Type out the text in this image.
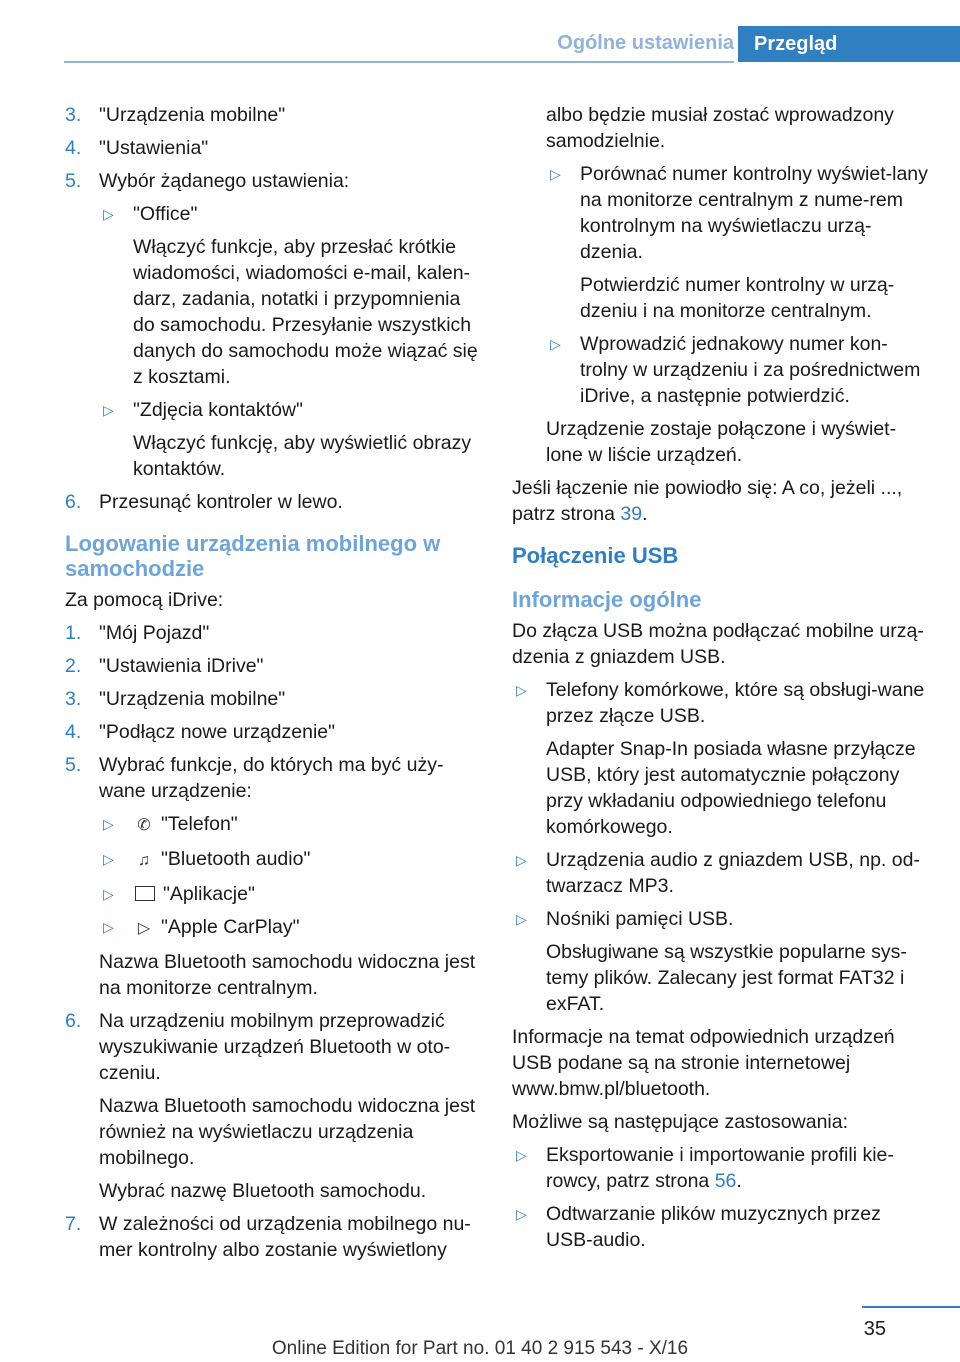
Ogólne ustawienia	Przegląd
3. "Urządzenia mobilne"
4. "Ustawienia"
5. Wybór żądanego ustawienia:
▷ "Office"

Włączyć funkcje, aby przesłać krótkie wiadomości, wiadomości e-mail, kalen-darz, zadania, notatki i przypomnienia do samochodu. Przesyłanie wszystkich danych do samochodu może wiązać się z kosztami.

▷ "Zdjęcia kontaktów"

Włączyć funkcję, aby wyświetlić obrazy kontaktów.

6. Przesunąć kontroler w lewo.
Logowanie urządzenia mobilnego w samochodzie

Za pomocą iDrive:

1. "Mój Pojazd"
2. "Ustawienia iDrive"
3. "Urządzenia mobilne"
4. "Podłącz nowe urządzenie"
5. Wybrać funkcje, do których ma być uży-wane urządzenie:
▷ ✆ "Telefon"
▷ ♫ "Bluetooth audio"
▷	"Aplikacje"
▷ ▷ "Apple CarPlay"

Nazwa Bluetooth samochodu widoczna jest na monitorze centralnym.

6. Na urządzeniu mobilnym przeprowadzić wyszukiwanie urządzeń Bluetooth w oto-czeniu.

Nazwa Bluetooth samochodu widoczna jest również na wyświetlaczu urządzenia mobilnego.

Wybrać nazwę Bluetooth samochodu.

7. W zależności od urządzenia mobilnego nu-mer kontrolny albo zostanie wyświetlony

albo będzie musiał zostać wprowadzony samodzielnie.

▷ Porównać numer kontrolny wyświet-lany na monitorze centralnym z nume-rem kontrolnym na wyświetlaczu urzą-dzenia.

Potwierdzić numer kontrolny w urzą-dzeniu i na monitorze centralnym.

▷ Wprowadzić jednakowy numer kon-trolny w urządzeniu i za pośrednictwem iDrive, a następnie potwierdzić.

Urządzenie zostaje połączone i wyświet-lone w liście urządzeń.

Jeśli łączenie nie powiodło się: A co, jeżeli ..., patrz strona 39.

Połączenie USB
Informacje ogólne

Do złącza USB można podłączać mobilne urzą-dzenia z gniazdem USB.

▷ Telefony komórkowe, które są obsługi-wane przez złącze USB.

Adapter Snap-In posiada własne przyłącze USB, który jest automatycznie połączony przy wkładaniu odpowiedniego telefonu komórkowego.

▷ Urządzenia audio z gniazdem USB, np. od-twarzacz MP3.
▷ Nośniki pamięci USB.

Obsługiwane są wszystkie popularne sys-temy plików. Zalecany jest format FAT32 i exFAT.

Informacje na temat odpowiednich urządzeń USB podane są na stronie internetowej www.bmw.pl/bluetooth.

Możliwe są następujące zastosowania:

▷ Eksportowanie i importowanie profili kie-rowcy, patrz strona 56.
▷ Odtwarzanie plików muzycznych przez USB-audio.
35
Online Edition for Part no. 01 40 2 915 543 - X/16
